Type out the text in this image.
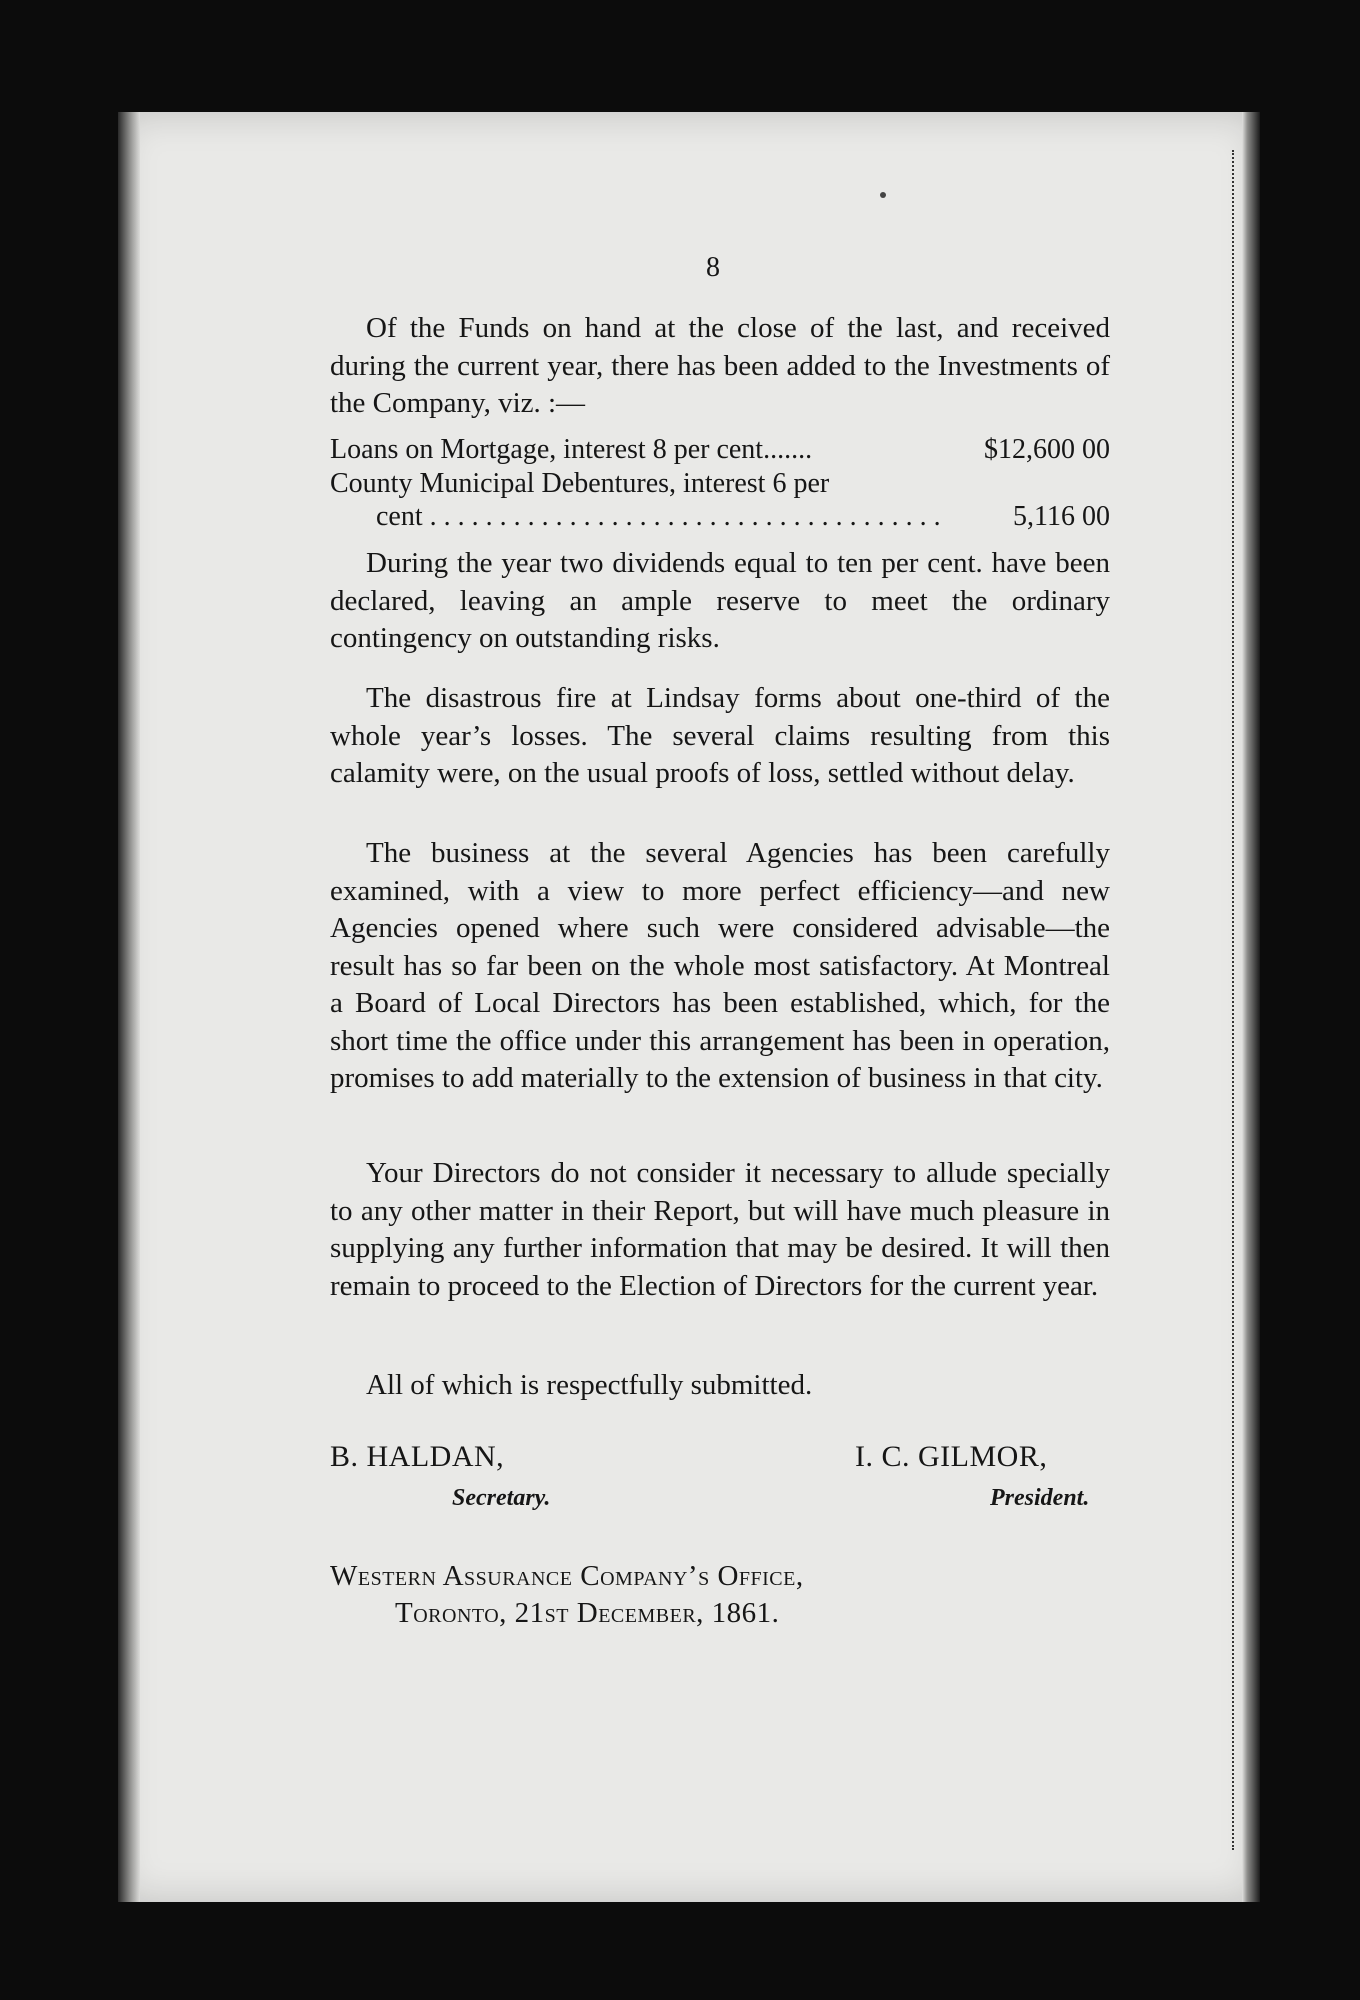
8
Of the Funds on hand at the close of the last, and received during the current year, there has been added to the Investments of the Company, viz. :—
Loans on Mortgage, interest 8 per cent.......	$12,600 00
County Municipal Debentures, interest 6 per
cent . . .	5,116 00
During the year two dividends equal to ten per cent. have been declared, leaving an ample reserve to meet the ordinary contingency on outstanding risks.
The disastrous fire at Lindsay forms about one-third of the whole year’s losses. The several claims resulting from this calamity were, on the usual proofs of loss, settled without delay.
The business at the several Agencies has been carefully examined, with a view to more perfect efficiency—and new Agencies opened where such were considered advisable—the result has so far been on the whole most satisfactory. At Montreal a Board of Local Directors has been established, which, for the short time the office under this arrangement has been in operation, promises to add materially to the extension of business in that city.
Your Directors do not consider it necessary to allude specially to any other matter in their Report, but will have much pleasure in supplying any further information that may be desired. It will then remain to proceed to the Election of Directors for the current year.
All of which is respectfully submitted.
B. HALDAN,
Secretary.
I. C. GILMOR,
President.
Western Assurance Company’s Office,
Toronto, 21st December, 1861.
